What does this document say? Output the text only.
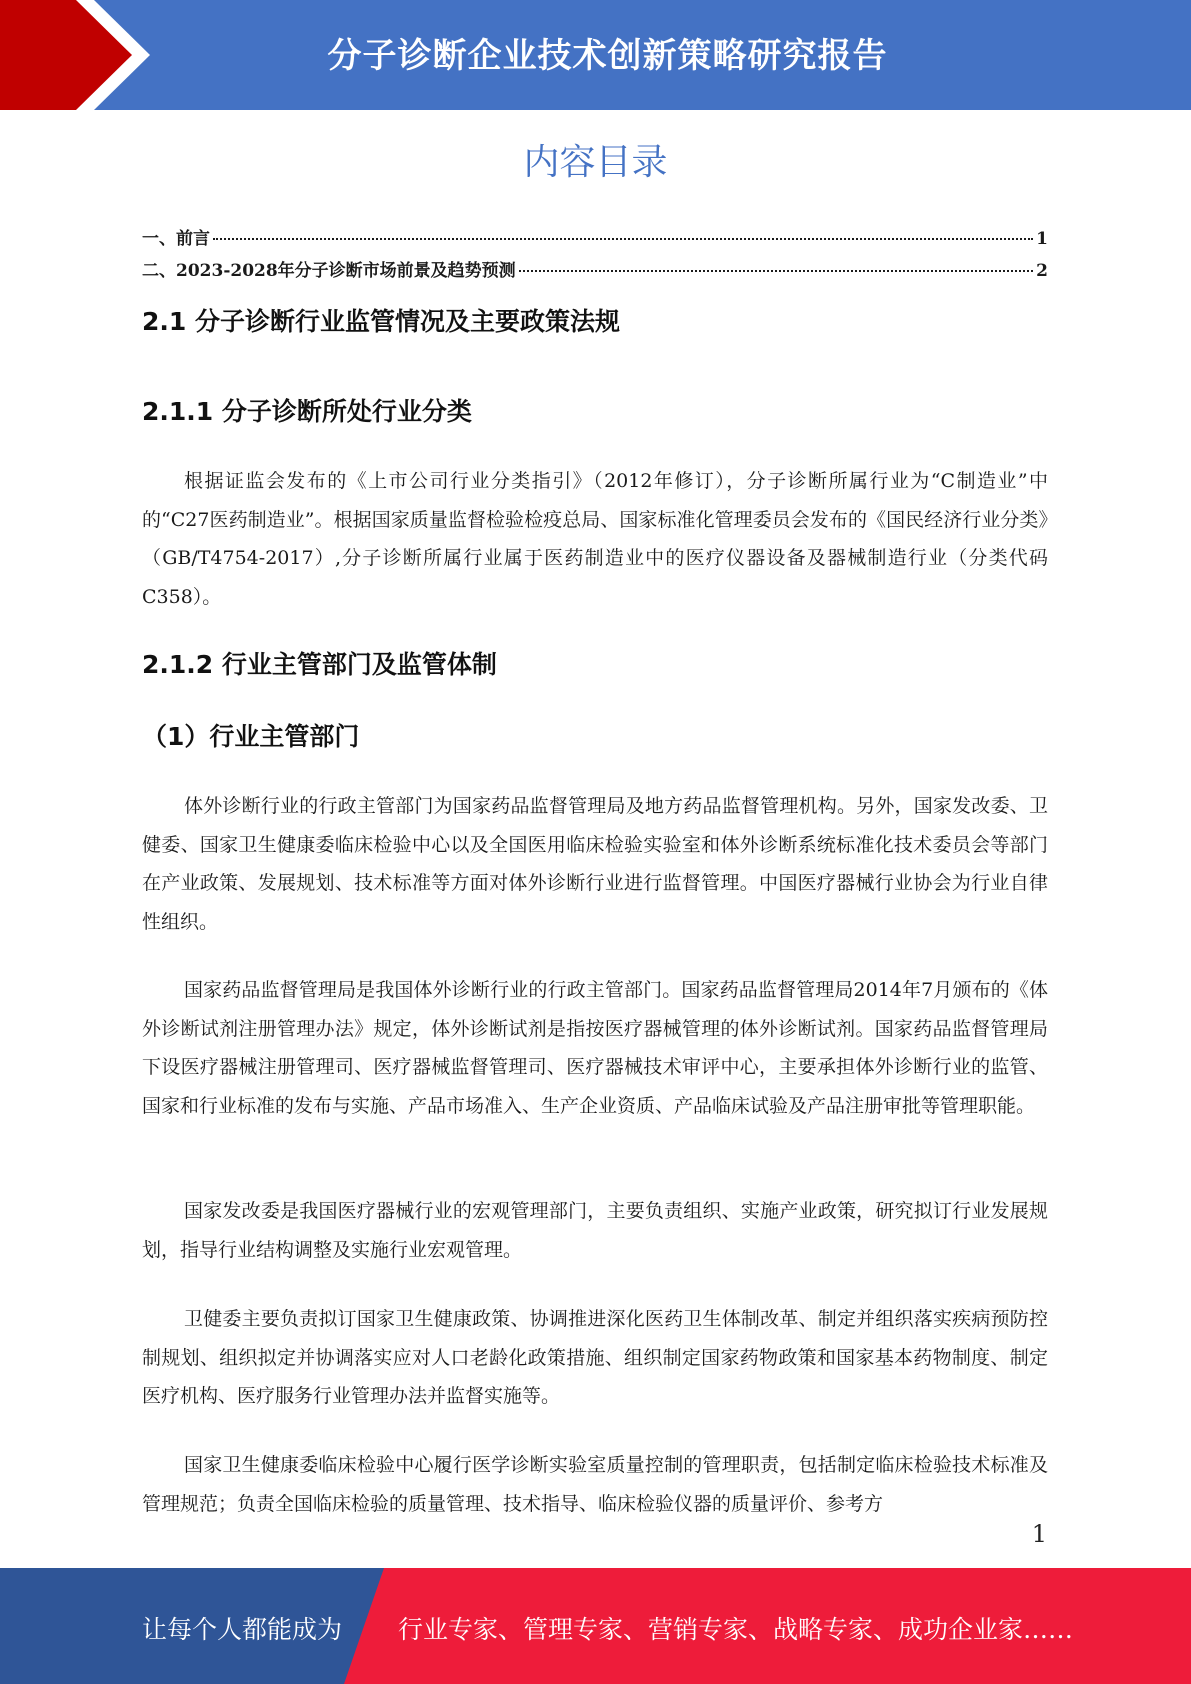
分子诊断企业技术创新策略研究报告
内容目录
一、前言	1
二、2023-2028年分子诊断市场前景及趋势预测	2
2.1 分子诊断行业监管情况及主要政策法规
2.1.1 分子诊断所处行业分类

根据证监会发布的《上市公司行业分类指引》（2012年修订），分子诊断所属行业为“C制造业”中的“C27医药制造业”。根据国家质量监督检验检疫总局、国家标准化管理委员会发布的《国民经济行业分类》（GB/T4754-2017）,分子诊断所属行业属于医药制造业中的医疗仪器设备及器械制造行业（分类代码C358）。

2.1.2 行业主管部门及监管体制
（1）行业主管部门

体外诊断行业的行政主管部门为国家药品监督管理局及地方药品监督管理机构。另外，国家发改委、卫健委、国家卫生健康委临床检验中心以及全国医用临床检验实验室和体外诊断系统标准化技术委员会等部门在产业政策、发展规划、技术标准等方面对体外诊断行业进行监督管理。中国医疗器械行业协会为行业自律性组织。

国家药品监督管理局是我国体外诊断行业的行政主管部门。国家药品监督管理局2014年7月颁布的《体外诊断试剂注册管理办法》规定，体外诊断试剂是指按医疗器械管理的体外诊断试剂。国家药品监督管理局下设医疗器械注册管理司、医疗器械监督管理司、医疗器械技术审评中心，主要承担体外诊断行业的监管、国家和行业标准的发布与实施、产品市场准入、生产企业资质、产品临床试验及产品注册审批等管理职能。

国家发改委是我国医疗器械行业的宏观管理部门，主要负责组织、实施产业政策，研究拟订行业发展规划，指导行业结构调整及实施行业宏观管理。

卫健委主要负责拟订国家卫生健康政策、协调推进深化医药卫生体制改革、制定并组织落实疾病预防控制规划、组织拟定并协调落实应对人口老龄化政策措施、组织制定国家药物政策和国家基本药物制度、制定医疗机构、医疗服务行业管理办法并监督实施等。

国家卫生健康委临床检验中心履行医学诊断实验室质量控制的管理职责，包括制定临床检验技术标准及管理规范；负责全国临床检验的质量管理、技术指导、临床检验仪器的质量评价、参考方

1
让每个人都能成为 行业专家、管理专家、营销专家、战略专家、成功企业家……
